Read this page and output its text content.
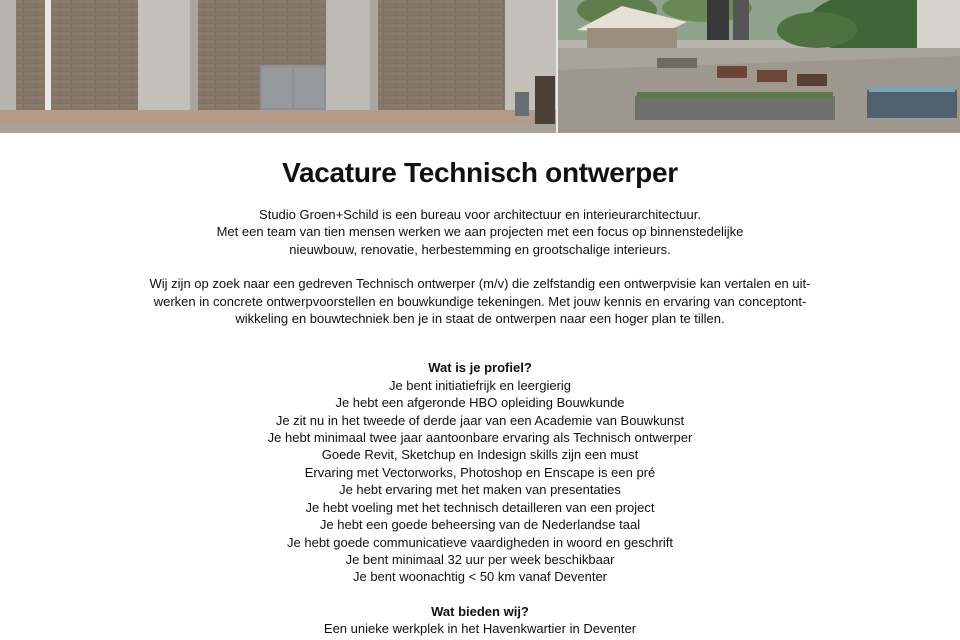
Vacature Technisch ontwerper

Studio Groen+Schild is een bureau voor architectuur en interieurarchitectuur.

Met een team van tien mensen werken we aan projecten met een focus op binnenstedelijke

nieuwbouw, renovatie, herbestemming en grootschalige interieurs.

Wij zijn op zoek naar een gedreven Technisch ontwerper (m/v) die zelfstandig een ontwerpvisie kan vertalen en uit-

werken in concrete ontwerpvoorstellen en bouwkundige tekeningen. Met jouw kennis en ervaring van conceptont-

wikkeling en bouwtechniek ben je in staat de ontwerpen naar een hoger plan te tillen.

Wat is je profiel?
Je bent initiatiefrijk en leergierig
Je hebt een afgeronde HBO opleiding Bouwkunde
Je zit nu in het tweede of derde jaar van een Academie van Bouwkunst
Je hebt minimaal twee jaar aantoonbare ervaring als Technisch ontwerper
Goede Revit, Sketchup en Indesign skills zijn een must
Ervaring met Vectorworks, Photoshop en Enscape is een pré
Je hebt ervaring met het maken van presentaties
Je hebt voeling met het technisch detailleren van een project
Je hebt een goede beheersing van de Nederlandse taal
Je hebt goede communicatieve vaardigheden in woord en geschrift
Je bent minimaal 32 uur per week beschikbaar
Je bent woonachtig < 50 km vanaf Deventer
Wat bieden wij?
Een unieke werkplek in het Havenkwartier in Deventer
